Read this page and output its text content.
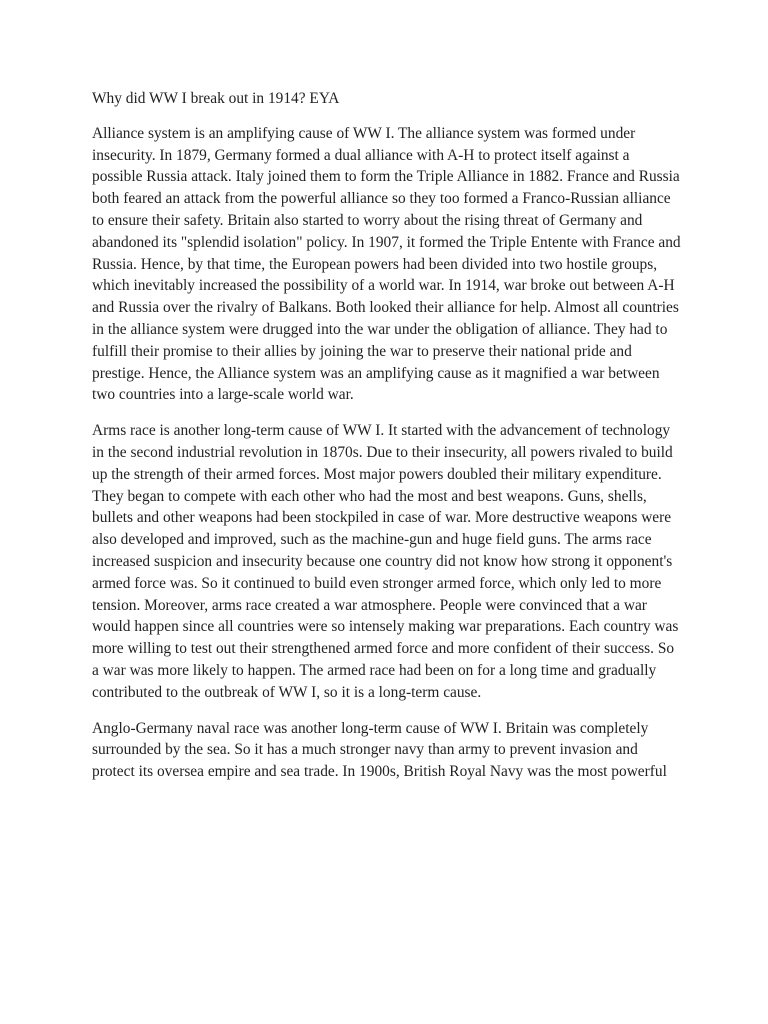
Why did WW I break out in 1914? EYA

Alliance system is an amplifying cause of WW I. The alliance system was formed under insecurity. In 1879, Germany formed a dual alliance with A-H to protect itself against a possible Russia attack. Italy joined them to form the Triple Alliance in 1882. France and Russia both feared an attack from the powerful alliance so they too formed a Franco-Russian alliance to ensure their safety. Britain also started to worry about the rising threat of Germany and abandoned its "splendid isolation" policy. In 1907, it formed the Triple Entente with France and Russia. Hence, by that time, the European powers had been divided into two hostile groups, which inevitably increased the possibility of a world war. In 1914, war broke out between A-H and Russia over the rivalry of Balkans. Both looked their alliance for help. Almost all countries in the alliance system were drugged into the war under the obligation of alliance. They had to fulfill their promise to their allies by joining the war to preserve their national pride and prestige. Hence, the Alliance system was an amplifying cause as it magnified a war between two countries into a large-scale world war.

Arms race is another long-term cause of WW I. It started with the advancement of technology in the second industrial revolution in 1870s. Due to their insecurity, all powers rivaled to build up the strength of their armed forces. Most major powers doubled their military expenditure. They began to compete with each other who had the most and best weapons. Guns, shells, bullets and other weapons had been stockpiled in case of war. More destructive weapons were also developed and improved, such as the machine-gun and huge field guns. The arms race increased suspicion and insecurity because one country did not know how strong it opponent's armed force was. So it continued to build even stronger armed force, which only led to more tension. Moreover, arms race created a war atmosphere. People were convinced that a war would happen since all countries were so intensely making war preparations. Each country was more willing to test out their strengthened armed force and more confident of their success. So a war was more likely to happen. The armed race had been on for a long time and gradually contributed to the outbreak of WW I, so it is a long-term cause.

Anglo-Germany naval race was another long-term cause of WW I. Britain was completely surrounded by the sea. So it has a much stronger navy than army to prevent invasion and protect its oversea empire and sea trade. In 1900s, British Royal Navy was the most powerful
